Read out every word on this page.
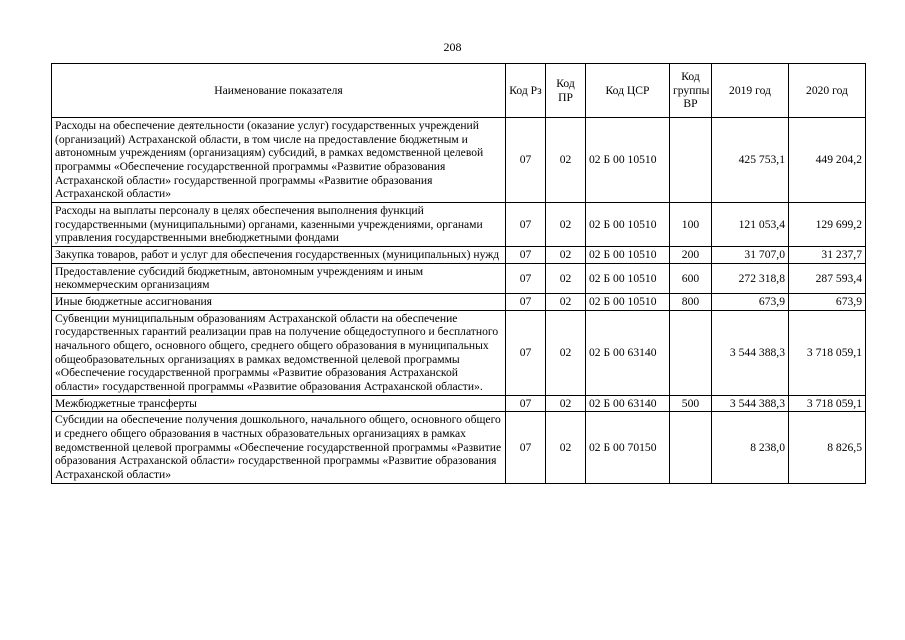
208
Наименование показателя	Код Рз	Код ПР	Код ЦСР	Код группы ВР	2019 год	2020 год
Расходы на обеспечение деятельности (оказание услуг) государственных учреждений (организаций) Астраханской области, в том числе на предоставление бюджетным и автономным учреждениям (организациям) субсидий, в рамках ведомственной целевой программы «Обеспечение государственной программы «Развитие образования Астраханской области» государственной программы «Развитие образования Астраханской области»	07	02	02 Б 00 10510		425 753,1	449 204,2
Расходы на выплаты персоналу в целях обеспечения выполнения функций государственными (муниципальными) органами, казенными учреждениями, органами управления государственными внебюджетными фондами	07	02	02 Б 00 10510	100	121 053,4	129 699,2
Закупка товаров, работ и услуг для обеспечения государственных (муниципальных) нужд	07	02	02 Б 00 10510	200	31 707,0	31 237,7
Предоставление субсидий бюджетным, автономным учреждениям и иным некоммерческим организациям	07	02	02 Б 00 10510	600	272 318,8	287 593,4
Иные бюджетные ассигнования	07	02	02 Б 00 10510	800	673,9	673,9
Субвенции муниципальным образованиям Астраханской области на обеспечение государственных гарантий реализации прав на получение общедоступного и бесплатного начального общего, основного общего, среднего общего образования в муниципальных общеобразовательных организациях в рамках ведомственной целевой программы «Обеспечение государственной программы «Развитие образования Астраханской области» государственной программы «Развитие образования Астраханской области».	07	02	02 Б 00 63140		3 544 388,3	3 718 059,1
Межбюджетные трансферты	07	02	02 Б 00 63140	500	3 544 388,3	3 718 059,1
Субсидии на обеспечение получения дошкольного, начального общего, основного общего и среднего общего образования в частных образовательных организациях в рамках ведомственной целевой программы «Обеспечение государственной программы «Развитие образования Астраханской области» государственной программы «Развитие образования Астраханской области»	07	02	02 Б 00 70150		8 238,0	8 826,5
